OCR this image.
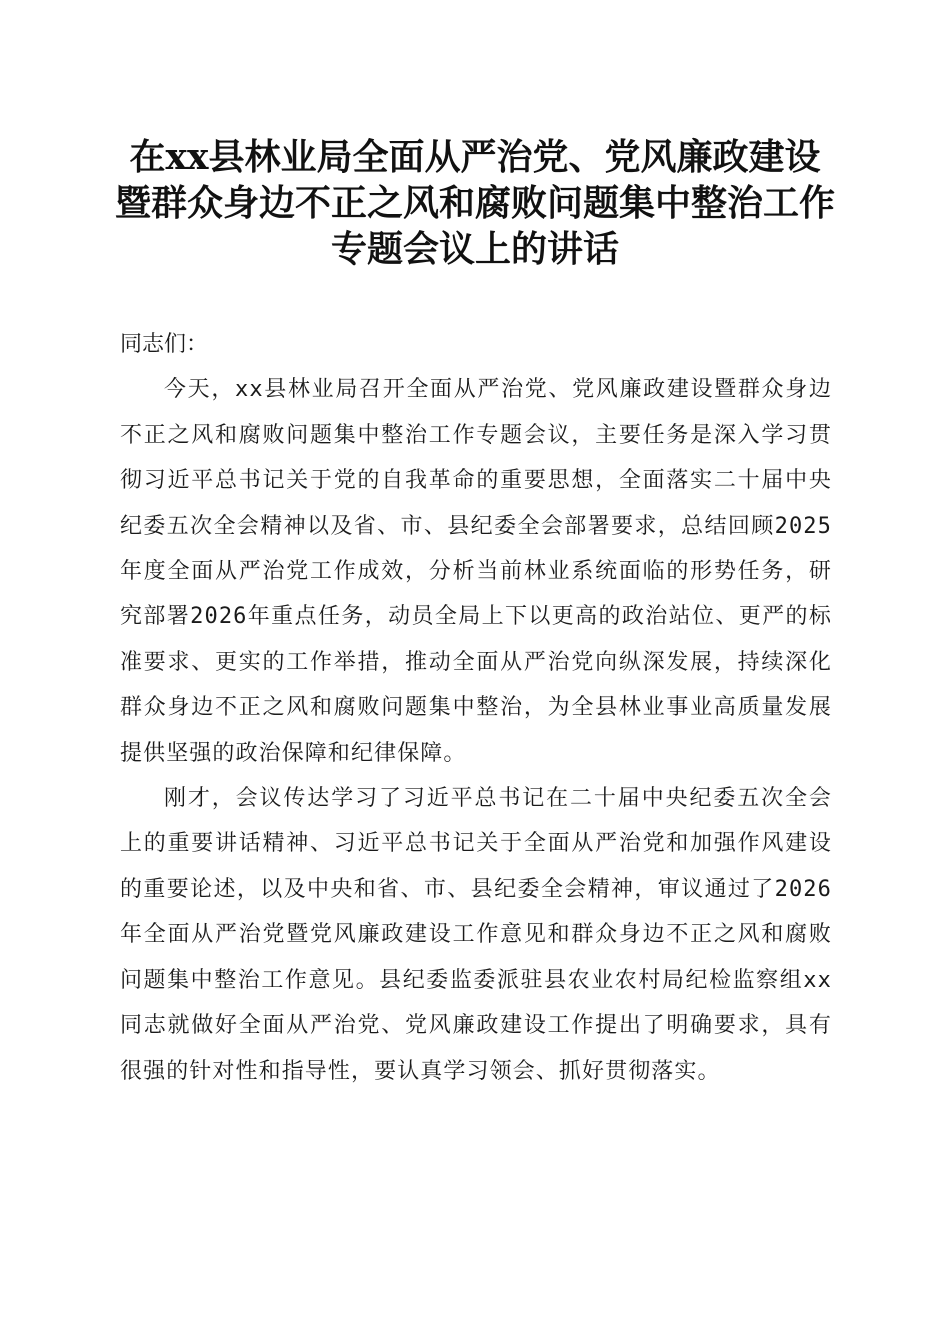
在xx县林业局全面从严治党、党风廉政建设
暨群众身边不正之风和腐败问题集中整治工作
专题会议上的讲话

同志们：

今天，xx县林业局召开全面从严治党、党风廉政建设暨群众身边不正之风和腐败问题集中整治工作专题会议，主要任务是深入学习贯彻习近平总书记关于党的自我革命的重要思想，全面落实二十届中央纪委五次全会精神以及省、市、县纪委全会部署要求，总结回顾2025年度全面从严治党工作成效，分析当前林业系统面临的形势任务，研究部署2026年重点任务，动员全局上下以更高的政治站位、更严的标准要求、更实的工作举措，推动全面从严治党向纵深发展，持续深化群众身边不正之风和腐败问题集中整治，为全县林业事业高质量发展提供坚强的政治保障和纪律保障。

刚才，会议传达学习了习近平总书记在二十届中央纪委五次全会上的重要讲话精神、习近平总书记关于全面从严治党和加强作风建设的重要论述，以及中央和省、市、县纪委全会精神，审议通过了2026年全面从严治党暨党风廉政建设工作意见和群众身边不正之风和腐败问题集中整治工作意见。县纪委监委派驻县农业农村局纪检监察组xx同志就做好全面从严治党、党风廉政建设工作提出了明确要求，具有很强的针对性和指导性，要认真学习领会、抓好贯彻落实。
